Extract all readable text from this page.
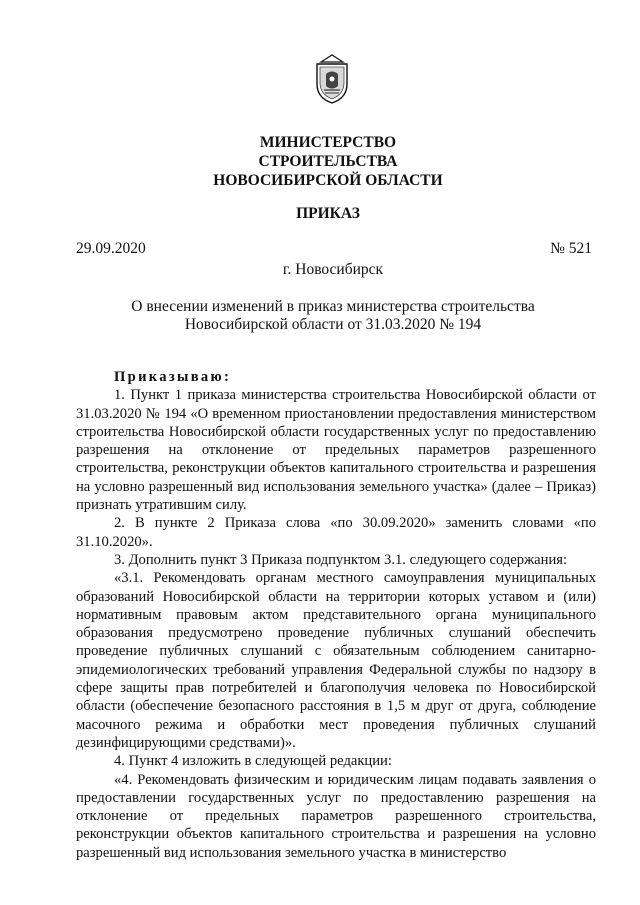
МИНИСТЕРСТВО
СТРОИТЕЛЬСТВА
НОВОСИБИРСКОЙ ОБЛАСТИ
ПРИКАЗ
29.09.2020	№ 521
г. Новосибирск
О внесении изменений в приказ министерства строительства
Новосибирской области от 31.03.2020 № 194

Приказываю:

1. Пункт 1 приказа министерства строительства Новосибирской области от 31.03.2020 № 194 «О временном приостановлении предоставления министерством строительства Новосибирской области государственных услуг по предоставлению разрешения на отклонение от предельных параметров разрешенного строительства, реконструкции объектов капитального строительства и разрешения на условно разрешенный вид использования земельного участка» (далее – Приказ) признать утратившим силу.

2. В пункте 2 Приказа слова «по 30.09.2020» заменить словами «по 31.10.2020».

3. Дополнить пункт 3 Приказа подпунктом 3.1. следующего содержания:

«3.1. Рекомендовать органам местного самоуправления муниципальных образований Новосибирской области на территории которых уставом и (или) нормативным правовым актом представительного органа муниципального образования предусмотрено проведение публичных слушаний обеспечить проведение публичных слушаний с обязательным соблюдением санитарно-эпидемиологических требований управления Федеральной службы по надзору в сфере защиты прав потребителей и благополучия человека по Новосибирской области (обеспечение безопасного расстояния в 1,5 м друг от друга, соблюдение масочного режима и обработки мест проведения публичных слушаний дезинфицирующими средствами)».

4. Пункт 4 изложить в следующей редакции:

«4. Рекомендовать физическим и юридическим лицам подавать заявления о предоставлении государственных услуг по предоставлению разрешения на отклонение от предельных параметров разрешенного строительства, реконструкции объектов капитального строительства и разрешения на условно разрешенный вид использования земельного участка в министерство
